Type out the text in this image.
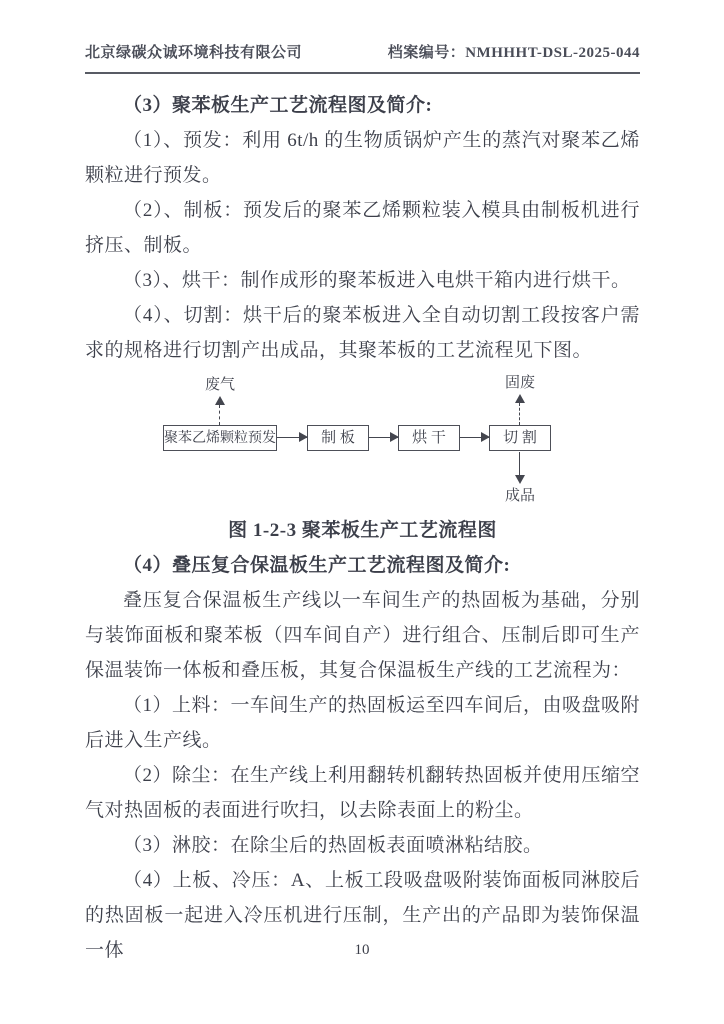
北京绿碳众诚环境科技有限公司	档案编号：NMHHHT-DSL-2025-044

（3）聚苯板生产工艺流程图及简介:

（1）、预发：利用 6t/h 的生物质锅炉产生的蒸汽对聚苯乙烯颗粒进行预发。

（2）、制板：预发后的聚苯乙烯颗粒装入模具由制板机进行挤压、制板。

（3）、烘干：制作成形的聚苯板进入电烘干箱内进行烘干。

（4）、切割：烘干后的聚苯板进入全自动切割工段按客户需求的规格进行切割产出成品，其聚苯板的工艺流程见下图。

废气	固废
聚苯乙烯颗粒预发	制 板	烘 干	切 割
成品

图 1-2-3 聚苯板生产工艺流程图

（4）叠压复合保温板生产工艺流程图及简介:

叠压复合保温板生产线以一车间生产的热固板为基础，分别与装饰面板和聚苯板（四车间自产）进行组合、压制后即可生产保温装饰一体板和叠压板，其复合保温板生产线的工艺流程为：

（1）上料：一车间生产的热固板运至四车间后，由吸盘吸附后进入生产线。

（2）除尘：在生产线上利用翻转机翻转热固板并使用压缩空气对热固板的表面进行吹扫，以去除表面上的粉尘。

（3）淋胶：在除尘后的热固板表面喷淋粘结胶。

（4）上板、冷压：A、上板工段吸盘吸附装饰面板同淋胶后的热固板一起进入冷压机进行压制，生产出的产品即为装饰保温一体	10
